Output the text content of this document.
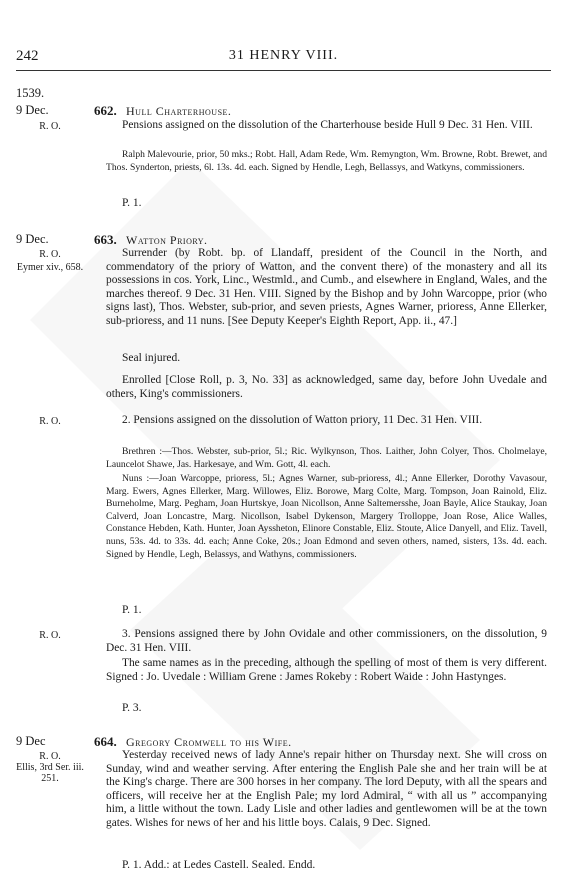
242	31 HENRY VIII.
1539.
9 Dec.	662. Hull Charterhouse.
R. O.	Pensions assigned on the dissolution of the Charterhouse beside Hull 9 Dec. 31 Hen. VIII.
Ralph Malevourie, prior, 50 mks.; Robt. Hall, Adam Rede, Wm. Remyngton, Wm. Browne, Robt. Brewet, and Thos. Synderton, priests, 6l. 13s. 4d. each. Signed by Hendle, Legh, Bellassys, and Watkyns, commissioners.
P. 1.
9 Dec.	663. Watton Priory.
R. O.
Eymer xiv., 658.
Surrender (by Robt. bp. of Llandaff, president of the Council in the North, and commendatory of the priory of Watton, and the convent there) of the monastery and all its possessions in cos. York, Linc., Westmld., and Cumb., and elsewhere in England, Wales, and the marches thereof. 9 Dec. 31 Hen. VIII. Signed by the Bishop and by John Warcoppe, prior (who signs last), Thos. Webster, sub-prior, and seven priests, Agnes Warner, prioress, Anne Ellerker, sub-prioress, and 11 nuns. [See Deputy Keeper's Eighth Report, App. ii., 47.]
Seal injured.
Enrolled [Close Roll, p. 3, No. 33] as acknowledged, same day, before John Uvedale and others, King's commissioners.
R. O.	2. Pensions assigned on the dissolution of Watton priory, 11 Dec. 31 Hen. VIII.
Brethren :—Thos. Webster, sub-prior, 5l.; Ric. Wylkynson, Thos. Laither, John Colyer, Thos. Cholmelaye, Launcelot Shawe, Jas. Harkesaye, and Wm. Gott, 4l. each.
Nuns :—Joan Warcoppe, prioress, 5l.; Agnes Warner, sub-prioress, 4l.; Anne Ellerker, Dorothy Vavasour, Marg. Ewers, Agnes Ellerker, Marg. Willowes, Eliz. Borowe, Marg Colte, Marg. Tompson, Joan Rainold, Eliz. Burneholme, Marg. Pegham, Joan Hurtskye, Joan Nicollson, Anne Saltemersshe, Joan Bayle, Alice Staukay, Joan Calverd, Joan Loncastre, Marg. Nicollson, Isabel Dykenson, Margery Trolloppe, Joan Rose, Alice Walles, Constance Hebden, Kath. Hunter, Joan Ayssheton, Elinore Constable, Eliz. Stoute, Alice Danyell, and Eliz. Tavell, nuns, 53s. 4d. to 33s. 4d. each; Anne Coke, 20s.; Joan Edmond and seven others, named, sisters, 13s. 4d. each. Signed by Hendle, Legh, Belassys, and Wathyns, commissioners.
P. 1.
R. O.	3. Pensions assigned there by John Ovidale and other commissioners, on the dissolution, 9 Dec. 31 Hen. VIII.
The same names as in the preceding, although the spelling of most of them is very different. Signed : Jo. Uvedale : William Grene : James Rokeby : Robert Waide : John Hastynges.
P. 3.
9 Dec	664. Gregory Cromwell to his Wife.
R. O.
Ellis, 3rd Ser. iii. 251.
Yesterday received news of lady Anne's repair hither on Thursday next. She will cross on Sunday, wind and weather serving. After entering the English Pale she and her train will be at the King's charge. There are 300 horses in her company. The lord Deputy, with all the spears and officers, will receive her at the English Pale; my lord Admiral, “ with all us ” accompanying him, a little without the town. Lady Lisle and other ladies and gentlewomen will be at the town gates. Wishes for news of her and his little boys. Calais, 9 Dec. Signed.
P. 1. Add.: at Ledes Castell. Sealed. Endd.
